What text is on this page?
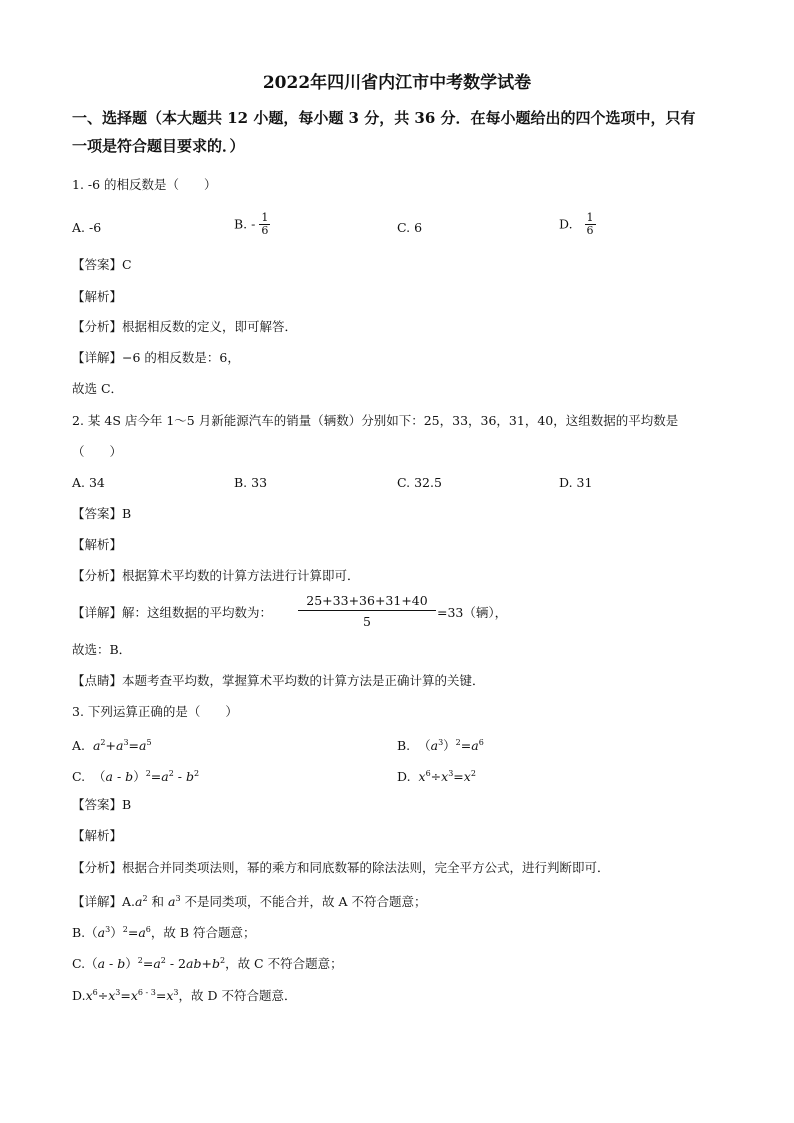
2022年四川省内江市中考数学试卷
一、选择题（本大题共 12 小题，每小题 3 分，共 36 分．在每小题给出的四个选项中，只有
一项是符合题目要求的．）
1. -6 的相反数是（　　）
A. -6	B. - $\frac{1}{6}$	C. 6	D. $\frac{1}{6}$
【答案】C
【解析】
【分析】根据相反数的定义，即可解答．
【详解】−6 的相反数是：6，
故选 C．
2. 某 4S 店今年 1～5 月新能源汽车的销量（辆数）分别如下：25，33，36，31，40，这组数据的平均数是
（　　）
A. 34	B. 33	C. 32.5	D. 31
【答案】B
【解析】
【分析】根据算术平均数的计算方法进行计算即可．
【详解】解：这组数据的平均数为： $\frac{25+33+36+31+40}{5} =33$（辆），
故选：B．
【点睛】本题考查平均数，掌握算术平均数的计算方法是正确计算的关键．
3. 下列运算正确的是（　　）
A.  $a^2+a^3=a^5$	B.  $(a^3)^2=a^6$
C.  $(a - b)^2=a^2 - b^2$	D.  $x^6\div x^3=x^2$
【答案】B
【解析】
【分析】根据合并同类项法则，幂的乘方和同底数幂的除法法则，完全平方公式，进行判断即可．
【详解】$A.a^2$ 和 $a^3$ 不是同类项，不能合并，故 A 不符合题意；
$B.(a^3)^2=a^6$，故 B 符合题意；
$C.(a - b)^2=a^2 - 2ab+b^2$，故 C 不符合题意；
$D.x^6\div x^3=x^{6 - 3}=x^3$，故 D 不符合题意．
